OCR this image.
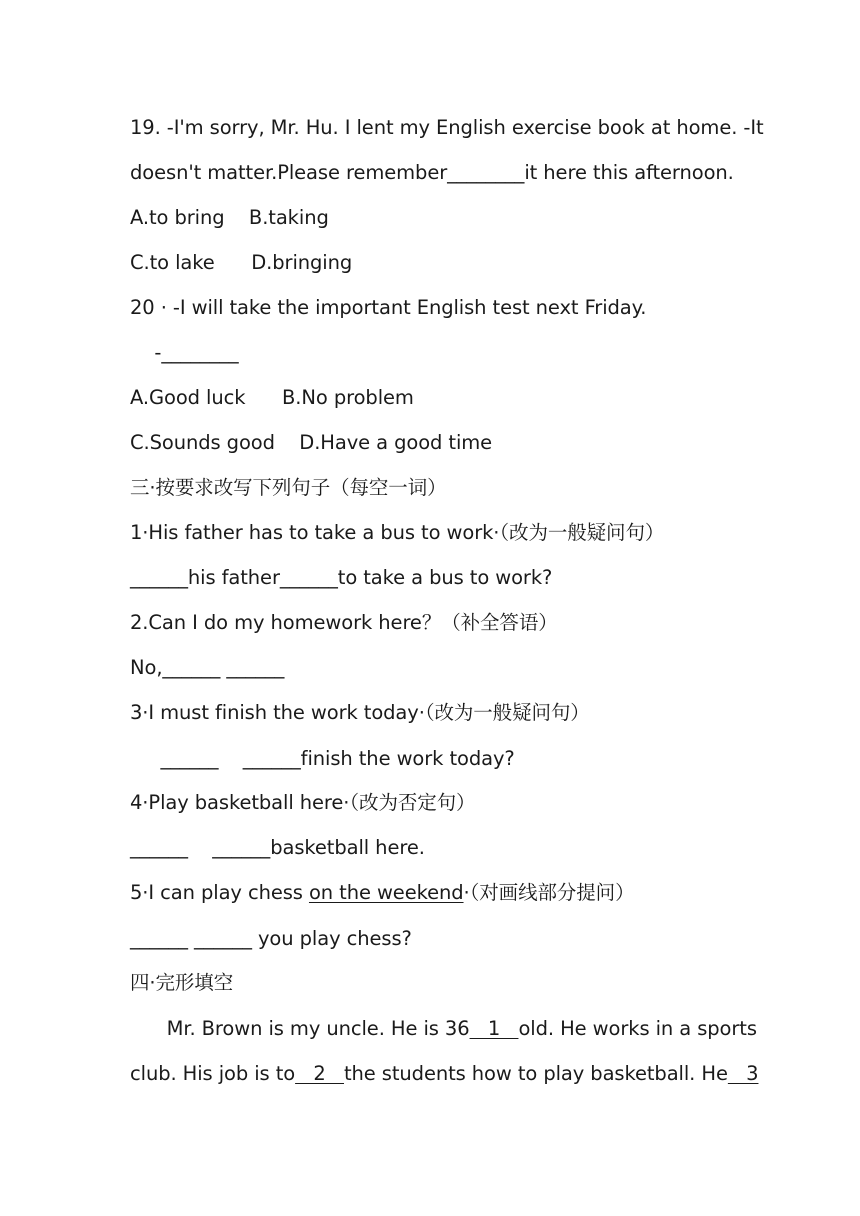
19. -I'm sorry, Mr. Hu. I lent my English exercise book at home. -It
doesn't matter.Please remember________it here this afternoon.
A.to bring    B.taking
C.to lake      D.bringing
20 · -I will take the important English test next Friday.
-________
A.Good luck      B.No problem
C.Sounds good    D.Have a good time
三·按要求改写下列句子（每空一词）
1·His father has to take a bus to work·（改为一般疑问句）
______his father______to take a bus to work?
2.Can I do my homework here？（补全答语）
No,______ ______
3·I must finish the work today·（改为一般疑问句）
______    ______finish the work today?
4·Play basketball here·（改为否定句）
______    ______basketball here.
5·I can play chess on the weekend·（对画线部分提问）
______ ______ you play chess?
四·完形填空
Mr. Brown is my uncle. He is 36   1   old. He works in a sports
club. His job is to   2   the students how to play basketball. He   3
